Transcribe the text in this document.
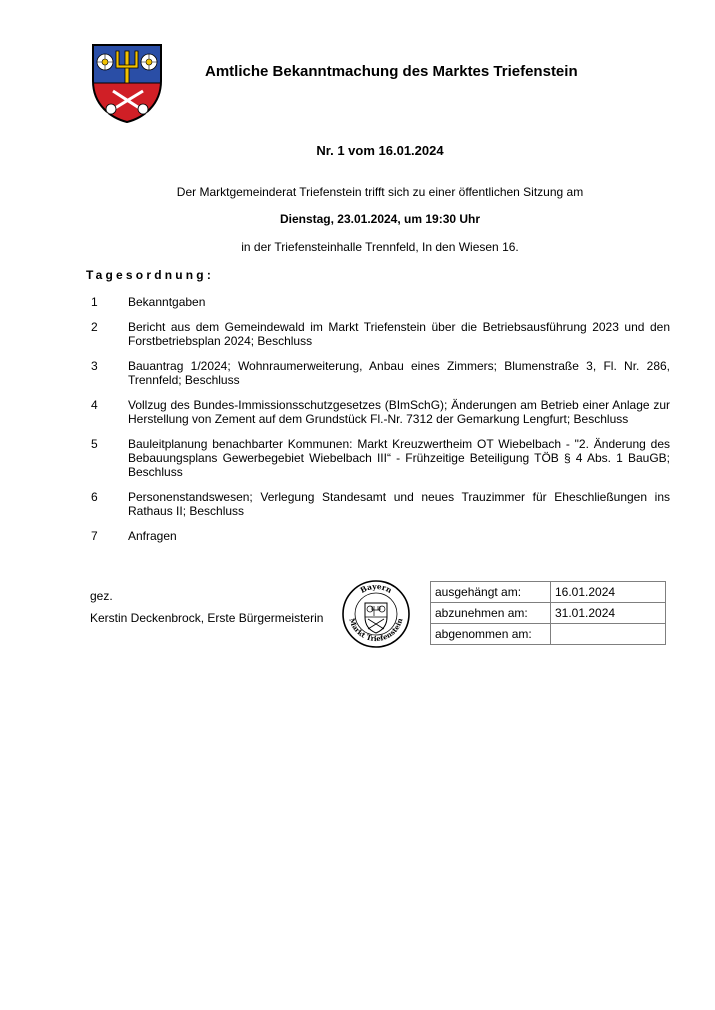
Amtliche Bekanntmachung des Marktes Triefenstein
Nr. 1 vom 16.01.2024
Der Marktgemeinderat Triefenstein trifft sich zu einer öffentlichen Sitzung am
Dienstag, 23.01.2024, um 19:30 Uhr
in der Triefensteinhalle Trennfeld, In den Wiesen 16.
Tagesordnung:
1	Bekanntgaben
2	Bericht aus dem Gemeindewald im Markt Triefenstein über die Betriebsausführung 2023 und den Forstbetriebsplan 2024; Beschluss
3	Bauantrag 1/2024; Wohnraumerweiterung, Anbau eines Zimmers; Blumenstraße 3, Fl. Nr. 286, Trennfeld; Beschluss
4	Vollzug des Bundes-Immissionsschutzgesetzes (BImSchG); Änderungen am Betrieb einer Anlage zur Herstellung von Zement auf dem Grundstück Fl.-Nr. 7312 der Gemarkung Lengfurt; Beschluss
5	Bauleitplanung benachbarter Kommunen: Markt Kreuzwertheim OT Wiebelbach - "2. Änderung des Bebauungsplans Gewerbegebiet Wiebelbach III“ - Frühzeitige Beteiligung TÖB § 4 Abs. 1 BauGB; Beschluss
6	Personenstandswesen; Verlegung Standesamt und neues Trauzimmer für Eheschließungen ins Rathaus II; Beschluss
7	Anfragen
gez.
Kerstin Deckenbrock, Erste Bürgermeisterin
Bayern
Markt Triefenstein
ausgehängt am:	16.01.2024
abzunehmen am:	31.01.2024
abgenommen am:	
